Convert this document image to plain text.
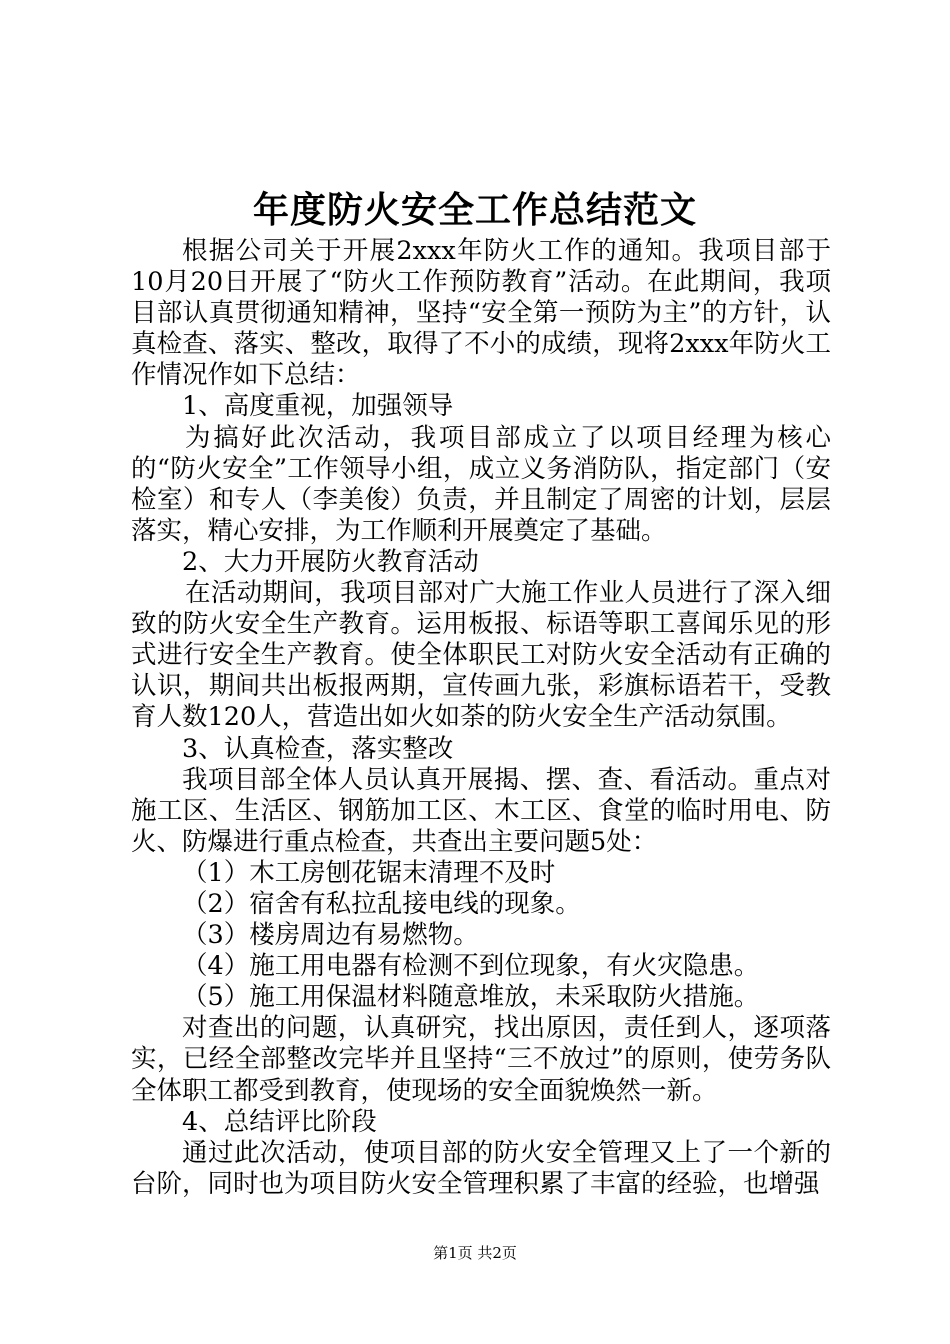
年度防火安全工作总结范文

根据公司关于开展2xxx年防火工作的通知。我项目部于10月20日开展了“防火工作预防教育”活动。在此期间，我项目部认真贯彻通知精神，坚持“安全第一预防为主”的方针，认真检查、落实、整改，取得了不小的成绩，现将2xxx年防火工作情况作如下总结：

1、高度重视，加强领导

为搞好此次活动，我项目部成立了以项目经理为核心的“防火安全”工作领导小组，成立义务消防队，指定部门（安检室）和专人（李美俊）负责，并且制定了周密的计划，层层落实，精心安排，为工作顺利开展奠定了基础。

2、大力开展防火教育活动

在活动期间，我项目部对广大施工作业人员进行了深入细致的防火安全生产教育。运用板报、标语等职工喜闻乐见的形式进行安全生产教育。使全体职民工对防火安全活动有正确的认识，期间共出板报两期，宣传画九张，彩旗标语若干，受教育人数120人，营造出如火如荼的防火安全生产活动氛围。

3、认真检查，落实整改

我项目部全体人员认真开展揭、摆、查、看活动。重点对施工区、生活区、钢筋加工区、木工区、食堂的临时用电、防火、防爆进行重点检查，共查出主要问题5处：

（1）木工房刨花锯末清理不及时

（2）宿舍有私拉乱接电线的现象。

（3）楼房周边有易燃物。

（4）施工用电器有检测不到位现象，有火灾隐患。

（5）施工用保温材料随意堆放，未采取防火措施。

对查出的问题，认真研究，找出原因，责任到人，逐项落实，已经全部整改完毕并且坚持“三不放过”的原则，使劳务队全体职工都受到教育，使现场的安全面貌焕然一新。

4、总结评比阶段

通过此次活动，使项目部的防火安全管理又上了一个新的台阶，同时也为项目防火安全管理积累了丰富的经验，也增强

第1页 共2页
